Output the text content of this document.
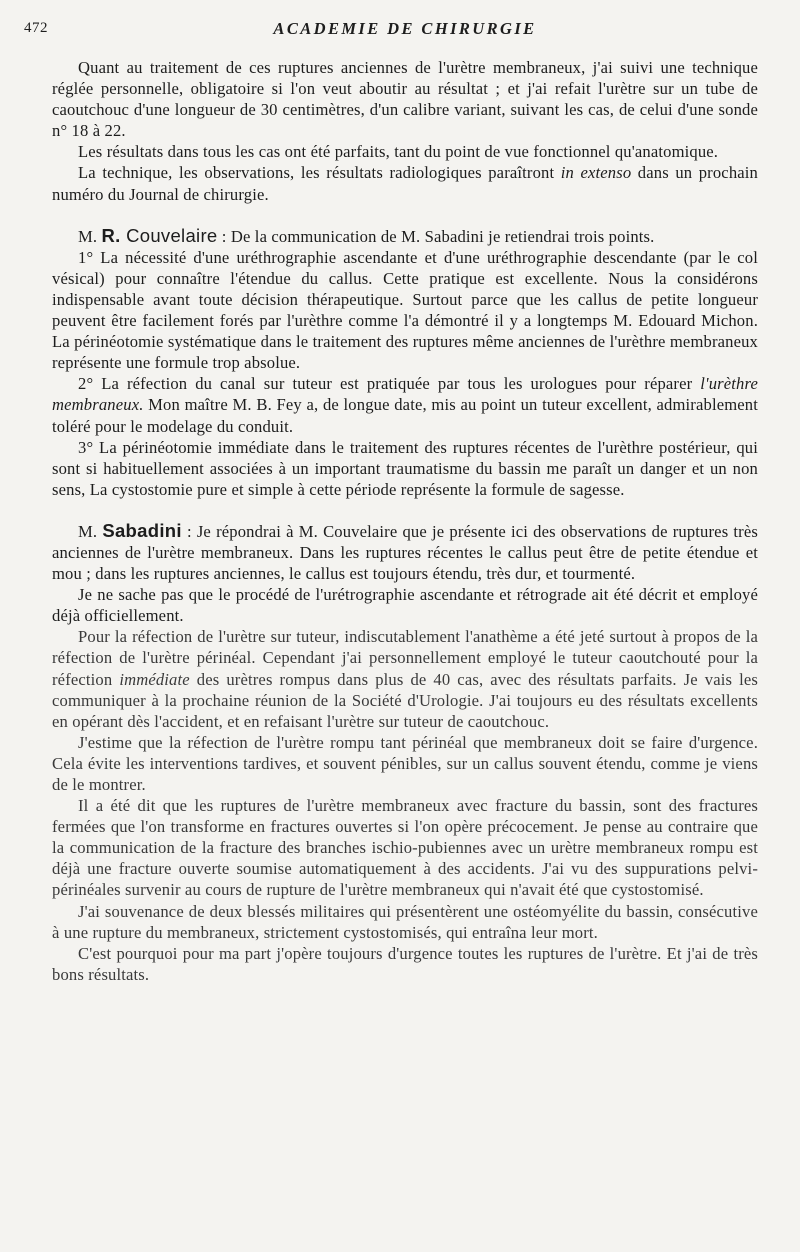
472	ACADEMIE DE CHIRURGIE

Quant au traitement de ces ruptures anciennes de l'urètre membraneux, j'ai suivi une technique réglée personnelle, obligatoire si l'on veut aboutir au résultat ; et j'ai refait l'urètre sur un tube de caoutchouc d'une longueur de 30 centimètres, d'un calibre variant, suivant les cas, de celui d'une sonde n° 18 à 22.

Les résultats dans tous les cas ont été parfaits, tant du point de vue fonctionnel qu'anatomique.

La technique, les observations, les résultats radiologiques paraîtront in extenso dans un prochain numéro du Journal de chirurgie.

M. R. Couvelaire : De la communication de M. Sabadini je retiendrai trois points.

1° La nécessité d'une uréthrographie ascendante et d'une uréthrographie descendante (par le col vésical) pour connaître l'étendue du callus. Cette pratique est excellente. Nous la considérons indispensable avant toute décision thérapeutique. Surtout parce que les callus de petite longueur peuvent être facilement forés par l'urèthre comme l'a démontré il y a longtemps M. Edouard Michon. La périnéotomie systématique dans le traitement des ruptures même anciennes de l'urèthre membraneux représente une formule trop absolue.

2° La réfection du canal sur tuteur est pratiquée par tous les urologues pour réparer l'urèthre membraneux. Mon maître M. B. Fey a, de longue date, mis au point un tuteur excellent, admirablement toléré pour le modelage du conduit.

3° La périnéotomie immédiate dans le traitement des ruptures récentes de l'urèthre postérieur, qui sont si habituellement associées à un important traumatisme du bassin me paraît un danger et un non sens, La cystostomie pure et simple à cette période représente la formule de sagesse.

M. Sabadini : Je répondrai à M. Couvelaire que je présente ici des observations de ruptures très anciennes de l'urètre membraneux. Dans les ruptures récentes le callus peut être de petite étendue et mou ; dans les ruptures anciennes, le callus est toujours étendu, très dur, et tourmenté.

Je ne sache pas que le procédé de l'urétrographie ascendante et rétrograde ait été décrit et employé déjà officiellement.

Pour la réfection de l'urètre sur tuteur, indiscutablement l'anathème a été jeté surtout à propos de la réfection de l'urètre périnéal. Cependant j'ai personnellement employé le tuteur caoutchouté pour la réfection immédiate des urètres rompus dans plus de 40 cas, avec des résultats parfaits. Je vais les communiquer à la prochaine réunion de la Société d'Urologie. J'ai toujours eu des résultats excellents en opérant dès l'accident, et en refaisant l'urètre sur tuteur de caoutchouc.

J'estime que la réfection de l'urètre rompu tant périnéal que membraneux doit se faire d'urgence. Cela évite les interventions tardives, et souvent pénibles, sur un callus souvent étendu, comme je viens de le montrer.

Il a été dit que les ruptures de l'urètre membraneux avec fracture du bassin, sont des fractures fermées que l'on transforme en fractures ouvertes si l'on opère précocement. Je pense au contraire que la communication de la fracture des branches ischio-pubiennes avec un urètre membraneux rompu est déjà une fracture ouverte soumise automatiquement à des accidents. J'ai vu des suppurations pelvi-périnéales survenir au cours de rupture de l'urètre membraneux qui n'avait été que cystostomisé.

J'ai souvenance de deux blessés militaires qui présentèrent une ostéomyélite du bassin, consécutive à une rupture du membraneux, strictement cystostomisés, qui entraîna leur mort.

C'est pourquoi pour ma part j'opère toujours d'urgence toutes les ruptures de l'urètre. Et j'ai de très bons résultats.
